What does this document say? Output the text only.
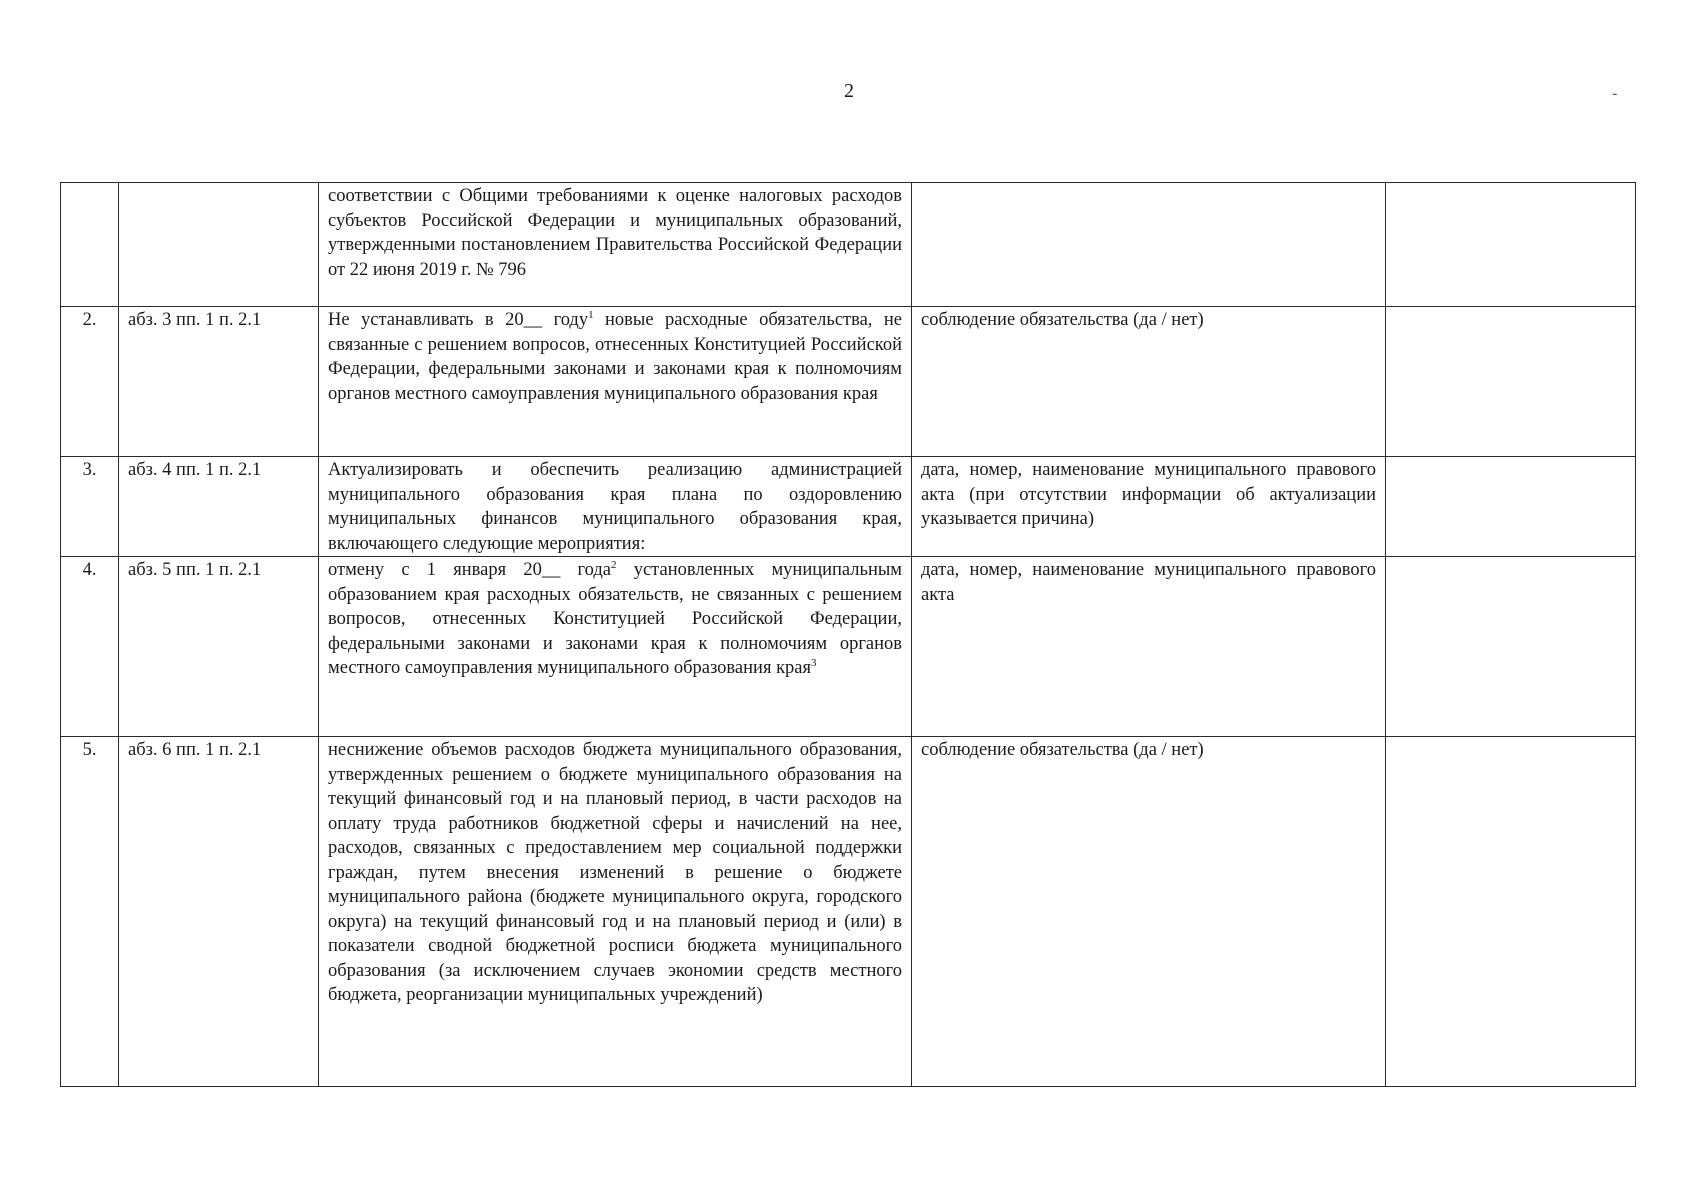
2	-
		соответствии с Общими требованиями к оценке налоговых расходов субъектов Российской Федерации и муниципальных образований, утвержденными постановлением Правительства Российской Федерации от 22 июня 2019 г. № 796		
2.	абз. 3 пп. 1 п. 2.1	Не устанавливать в 20__ году$^1$ новые расходные обязательства, не связанные с решением вопросов, отнесенных Конституцией Российской Федерации, федеральными законами и законами края к полномочиям органов местного самоуправления муниципального образования края	соблюдение обязательства (да / нет)	
3.	абз. 4 пп. 1 п. 2.1	Актуализировать и обеспечить реализацию администрацией муниципального образования края плана по оздоровлению муниципальных финансов муниципального образования края, включающего следующие мероприятия:	дата, номер, наименование муниципального правового акта (при отсутствии информации об актуализации указывается причина)	
4.	абз. 5 пп. 1 п. 2.1	отмену с 1 января 20__ года$^2$ установленных муниципальным образованием края расходных обязательств, не связанных с решением вопросов, отнесенных Конституцией Российской Федерации, федеральными законами и законами края к полномочиям органов местного самоуправления муниципального образования края$^3$	дата, номер, наименование муниципального правового акта	
5.	абз. 6 пп. 1 п. 2.1	неснижение объемов расходов бюджета муниципального образования, утвержденных решением о бюджете муниципального образования на текущий финансовый год и на плановый период, в части расходов на оплату труда работников бюджетной сферы и начислений на нее, расходов, связанных с предоставлением мер социальной поддержки граждан, путем внесения изменений в решение о бюджете муниципального района (бюджете муниципального округа, городского округа) на текущий финансовый год и на плановый период и (или) в показатели сводной бюджетной росписи бюджета муниципального образования (за исключением случаев экономии средств местного бюджета, реорганизации муниципальных учреждений)	соблюдение обязательства (да / нет)	
